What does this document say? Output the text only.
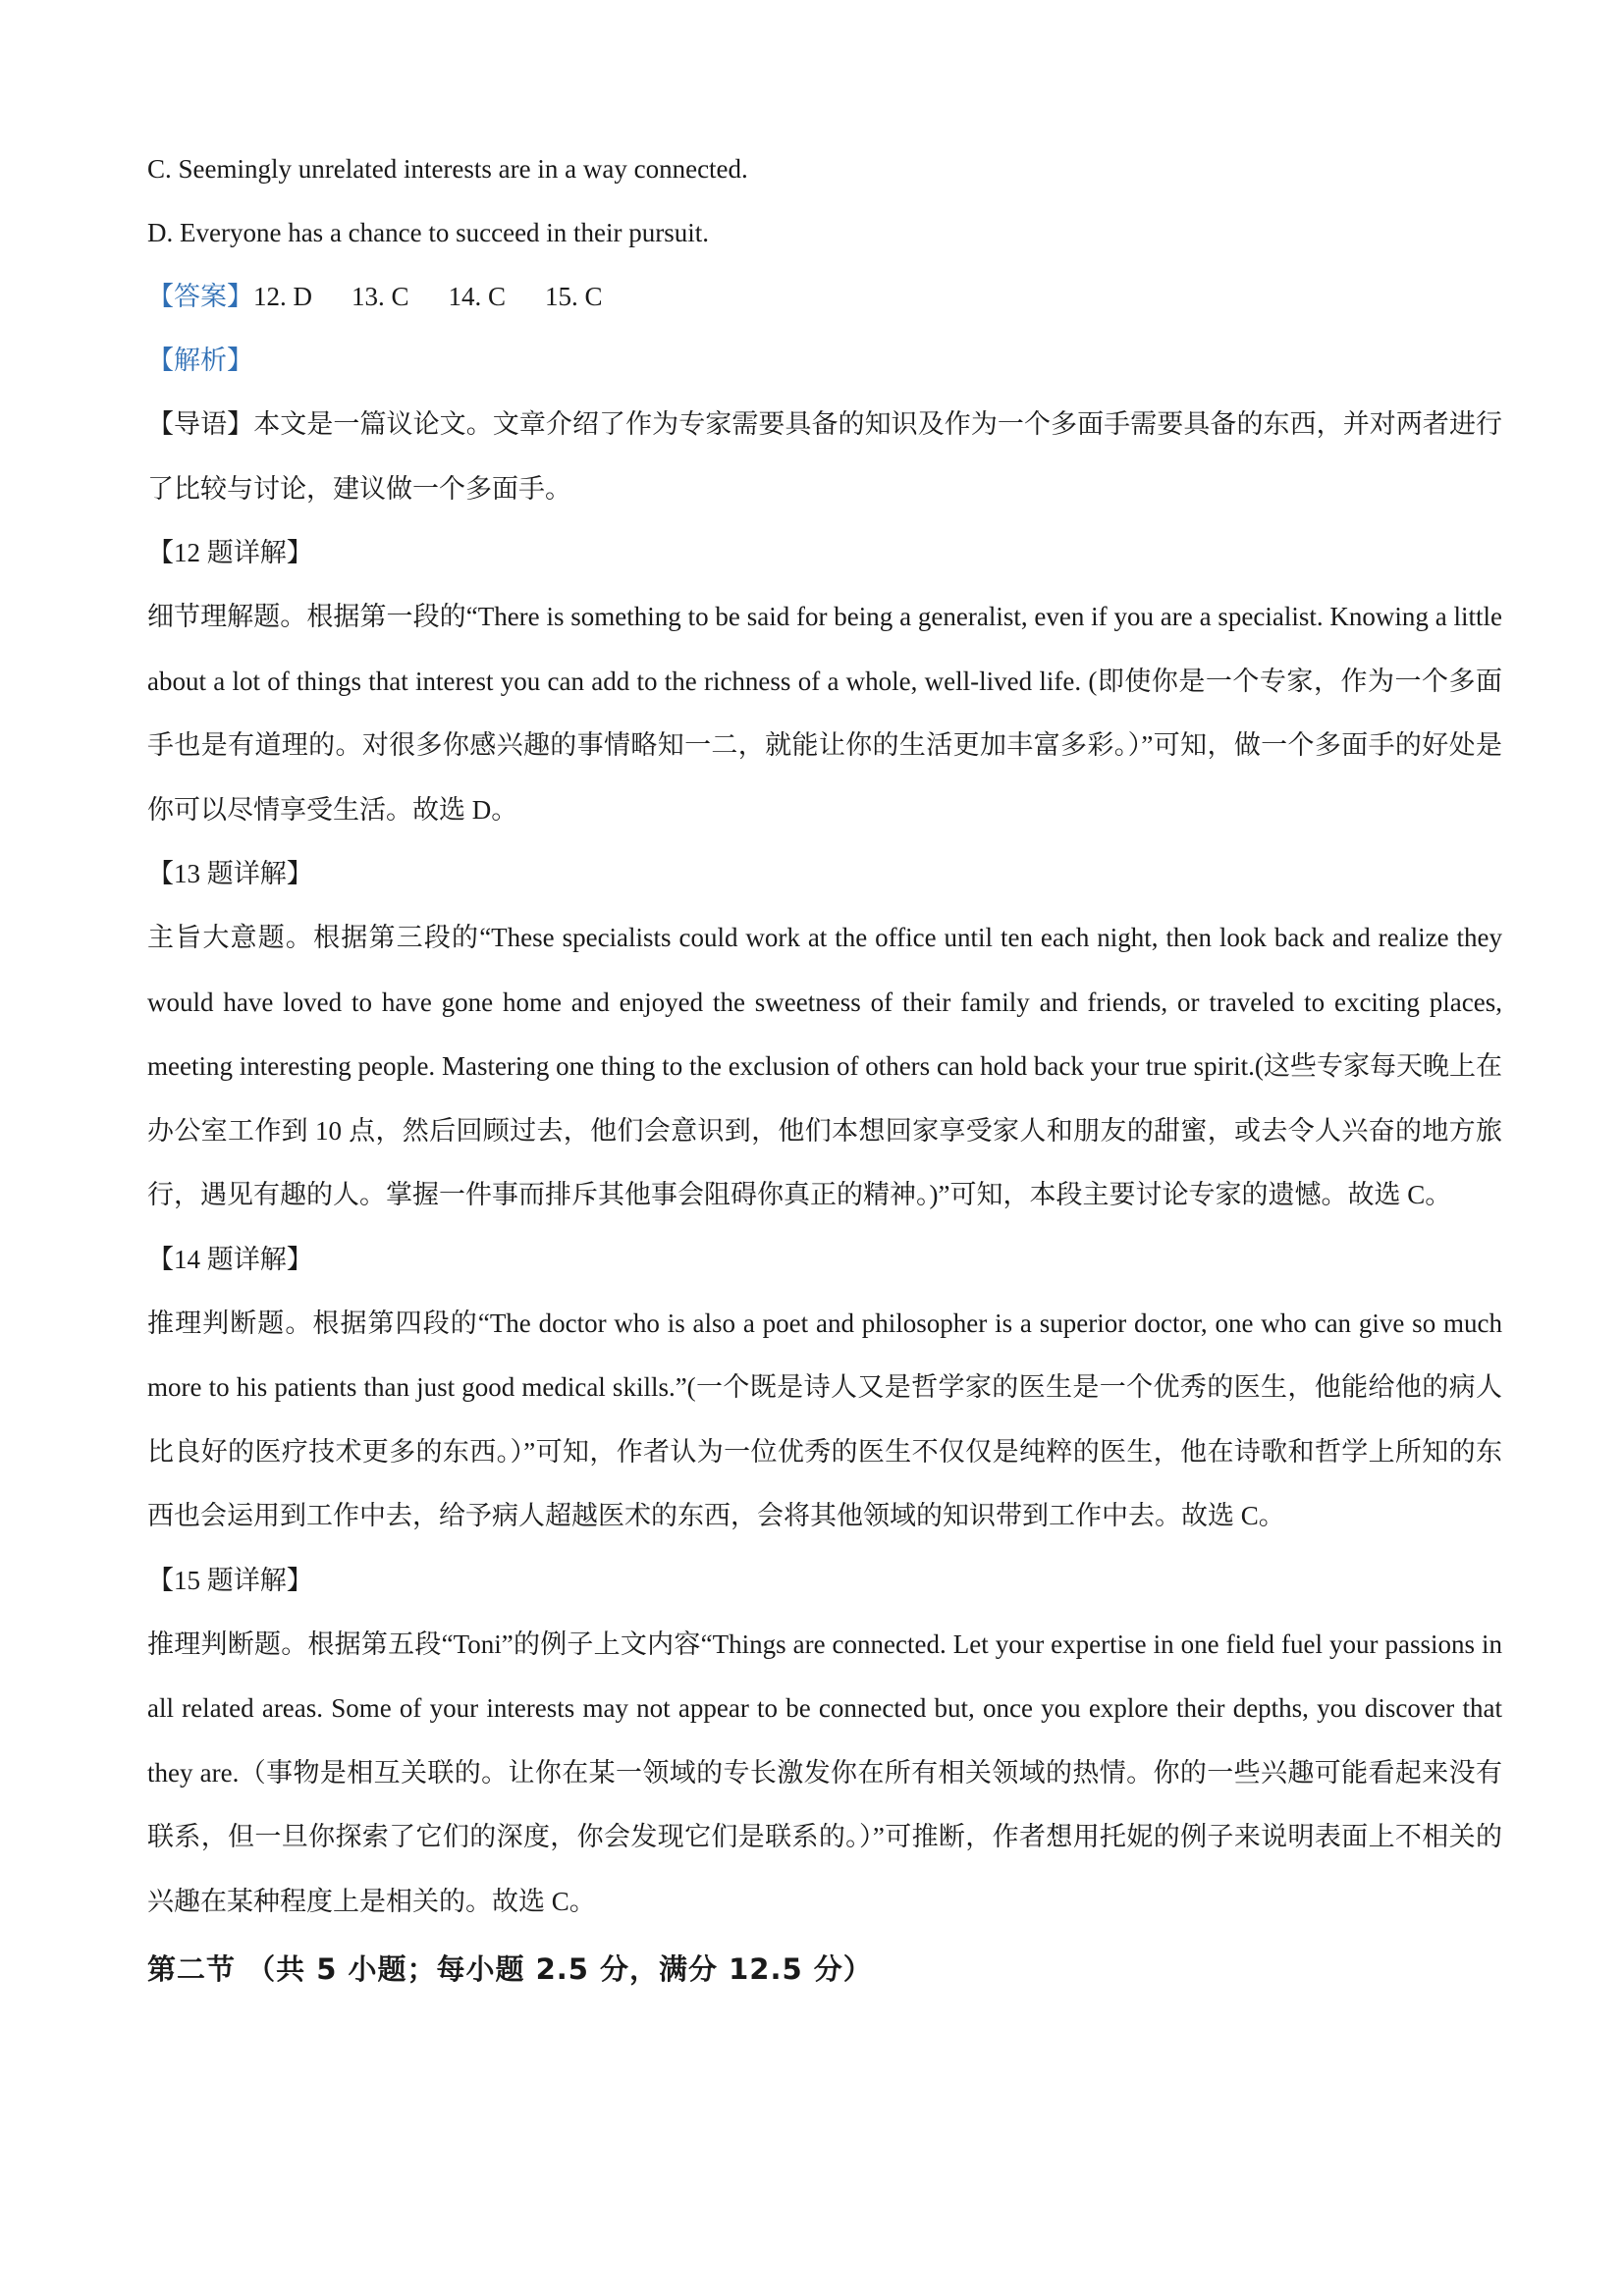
C. Seemingly unrelated interests are in a way connected.
D. Everyone has a chance to succeed in their pursuit.
【答案】12. D 13. C 14. C 15. C
【解析】
【导语】本文是一篇议论文。文章介绍了作为专家需要具备的知识及作为一个多面手需要具备的东西，并对两者进行了比较与讨论，建议做一个多面手。
【12 题详解】
细节理解题。根据第一段的“There is something to be said for being a generalist, even if you are a specialist. Knowing a little about a lot of things that interest you can add to the richness of a whole, well-lived life. (即使你是一个专家，作为一个多面手也是有道理的。对很多你感兴趣的事情略知一二，就能让你的生活更加丰富多彩。）”可知，做一个多面手的好处是你可以尽情享受生活。故选 D。
【13 题详解】
主旨大意题。根据第三段的“These specialists could work at the office until ten each night, then look back and realize they would have loved to have gone home and enjoyed the sweetness of their family and friends, or traveled to exciting places, meeting interesting people. Mastering one thing to the exclusion of others can hold back your true spirit.(这些专家每天晚上在办公室工作到 10 点，然后回顾过去，他们会意识到，他们本想回家享受家人和朋友的甜蜜，或去令人兴奋的地方旅行，遇见有趣的人。掌握一件事而排斥其他事会阻碍你真正的精神。)”可知，本段主要讨论专家的遗憾。故选 C。
【14 题详解】
推理判断题。根据第四段的“The doctor who is also a poet and philosopher is a superior doctor, one who can give so much more to his patients than just good medical skills.”(一个既是诗人又是哲学家的医生是一个优秀的医生，他能给他的病人比良好的医疗技术更多的东西。）”可知，作者认为一位优秀的医生不仅仅是纯粹的医生，他在诗歌和哲学上所知的东西也会运用到工作中去，给予病人超越医术的东西，会将其他领域的知识带到工作中去。故选 C。
【15 题详解】
推理判断题。根据第五段“Toni”的例子上文内容“Things are connected. Let your expertise in one field fuel your passions in all related areas. Some of your interests may not appear to be connected but, once you explore their depths, you discover that they are.（事物是相互关联的。让你在某一领域的专长激发你在所有相关领域的热情。你的一些兴趣可能看起来没有联系，但一旦你探索了它们的深度，你会发现它们是联系的。）”可推断，作者想用托妮的例子来说明表面上不相关的兴趣在某种程度上是相关的。故选 C。
第二节 （共 5 小题；每小题 2.5 分，满分 12.5 分）
